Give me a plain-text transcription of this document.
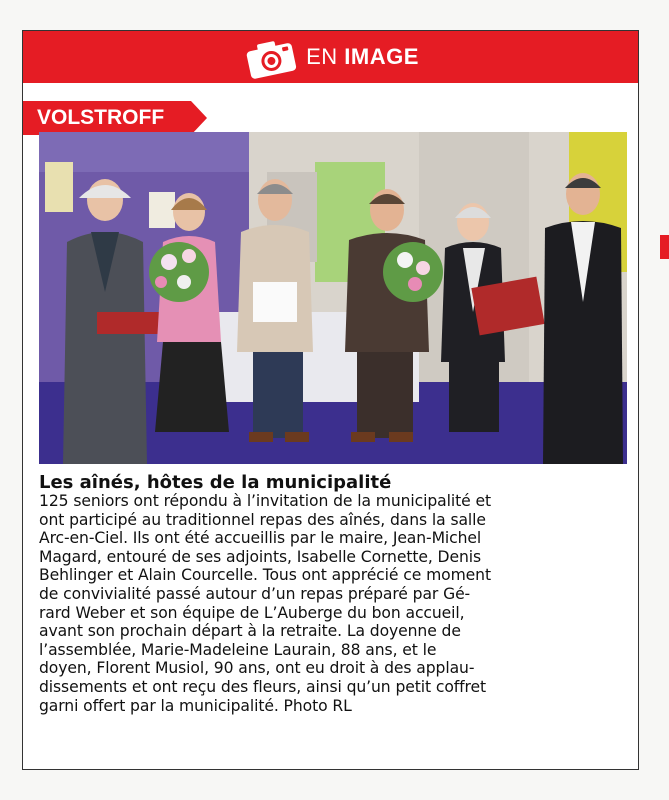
EN IMAGE
VOLSTROFF
Les aînés, hôtes de la municipalité

125 seniors ont répondu à l’invitation de la municipalité et
ont participé au traditionnel repas des aînés, dans la salle
Arc-en-Ciel. Ils ont été accueillis par le maire, Jean-Michel
Magard, entouré de ses adjoints, Isabelle Cornette, Denis
Behlinger et Alain Courcelle. Tous ont apprécié ce moment
de convivialité passé autour d’un repas préparé par Gé-
rard Weber et son équipe de L’Auberge du bon accueil,
avant son prochain départ à la retraite. La doyenne de
l’assemblée, Marie-Madeleine Laurain, 88 ans, et le
doyen, Florent Musiol, 90 ans, ont eu droit à des applau-
dissements et ont reçu des fleurs, ainsi qu’un petit coffret
garni offert par la municipalité. Photo RL
